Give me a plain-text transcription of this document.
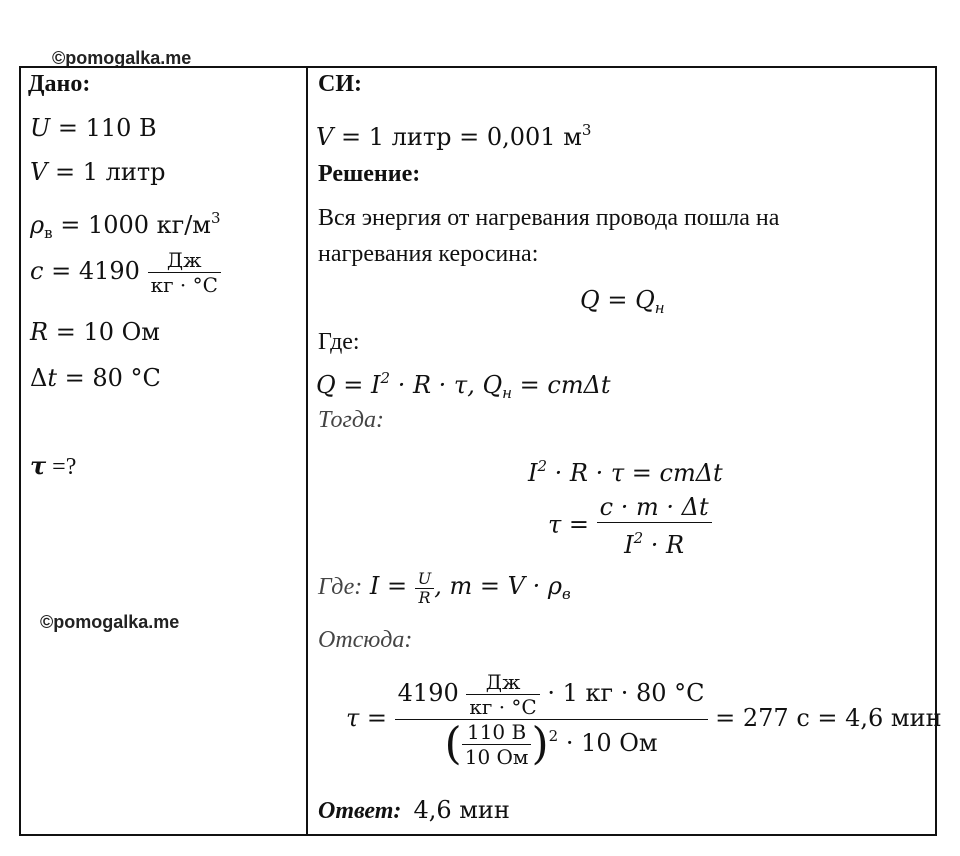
©pomogalka.me
Дано:
U = 110 В
V = 1 литр
$\rho_в = 1000$ $кг/м^3$
$c = 4190 \frac{Дж}{кг \cdot ^\circ С}$
R = 10 Ом
Δt = 80 °С
τ =?
©pomogalka.me
СИ:
V = 1 литр = 0,001 $м^3$
Решение:
Вся энергия от нагревания провода пошла на
нагревания керосина:
$Q = Q_н$
Где:
$Q = I^2 \cdot R \cdot \tau$, $Q_н = cm\Delta t$
Тогда:
$I^2 \cdot R \cdot \tau = cm\Delta t$
$\tau = \frac{c \cdot m \cdot \Delta t}{I^2 \cdot R}$
Где: $I = \frac{U}{R}$ , $m = V \cdot \rho_в$
Отсюда:
$\tau = \frac{4190 \frac{Дж}{кг \cdot ^\circ С} \cdot 1 кг \cdot 80 ^\circ С}{( \frac{110 В}{10 Ом} )^2 \cdot 10 Ом} = 277$ с = 4,6 мин
Ответ: 4,6 мин
